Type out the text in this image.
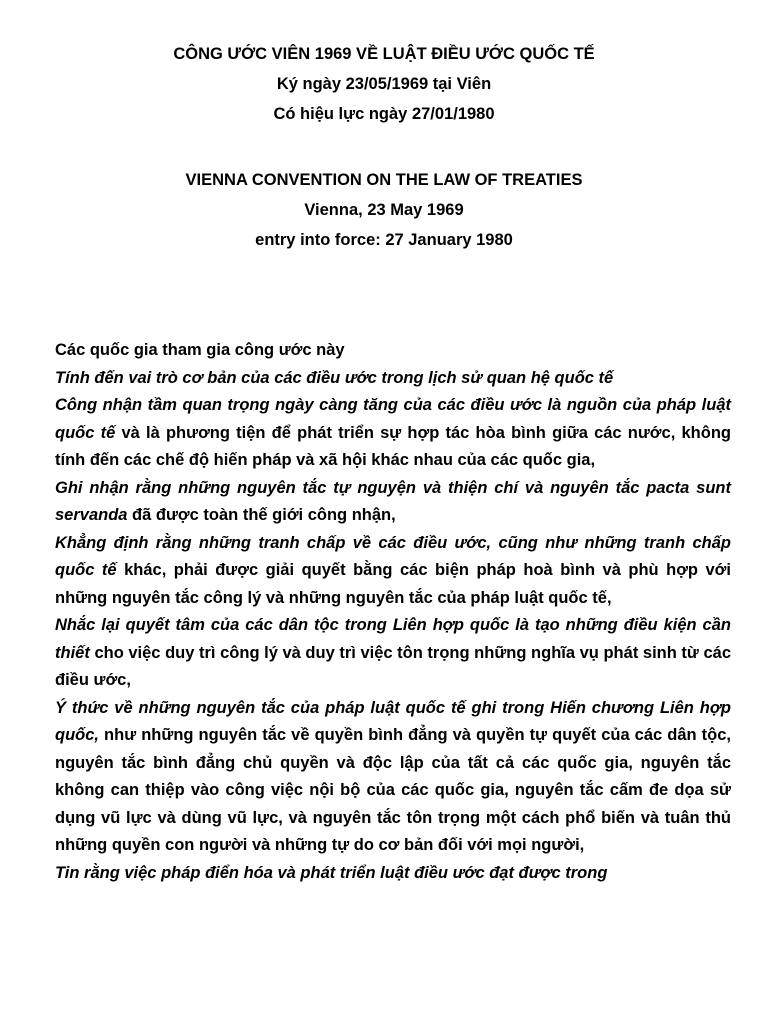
CÔNG ƯỚC VIÊN 1969 VỀ LUẬT ĐIỀU ƯỚC QUỐC TẾ

Ký ngày 23/05/1969 tại Viên

Có hiệu lực ngày 27/01/1980

VIENNA CONVENTION ON THE LAW OF TREATIES

Vienna, 23 May 1969

entry into force: 27 January 1980

Các quốc gia tham gia công ước này

Tính đến vai trò cơ bản của các điều ước trong lịch sử quan hệ quốc tế

Công nhận tầm quan trọng ngày càng tăng của các điều ước là nguồn của pháp luật quốc tế và là phương tiện để phát triển sự hợp tác hòa bình giữa các nước, không tính đến các chế độ hiến pháp và xã hội khác nhau của các quốc gia,

Ghi nhận rằng những nguyên tắc tự nguyện và thiện chí và nguyên tắc pacta sunt servanda đã được toàn thế giới công nhận,

Khẳng định rằng những tranh chấp về các điều ước, cũng như những tranh chấp quốc tế khác, phải được giải quyết bằng các biện pháp hoà bình và phù hợp với những nguyên tắc công lý và những nguyên tắc của pháp luật quốc tế,

Nhắc lại quyết tâm của các dân tộc trong Liên hợp quốc là tạo những điều kiện cần thiết cho việc duy trì công lý và duy trì việc tôn trọng những nghĩa vụ phát sinh từ các điều ước,

Ý thức về những nguyên tắc của pháp luật quốc tế ghi trong Hiến chương Liên hợp quốc, như những nguyên tắc về quyền bình đẳng và quyền tự quyết của các dân tộc, nguyên tắc bình đẳng chủ quyền và độc lập của tất cả các quốc gia, nguyên tắc không can thiệp vào công việc nội bộ của các quốc gia, nguyên tắc cấm đe dọa sử dụng vũ lực và dùng vũ lực, và nguyên tắc tôn trọng một cách phổ biến và tuân thủ những quyền con người và những tự do cơ bản đối với mọi người,

Tin rằng việc pháp điển hóa và phát triển luật điều ước đạt được trong
